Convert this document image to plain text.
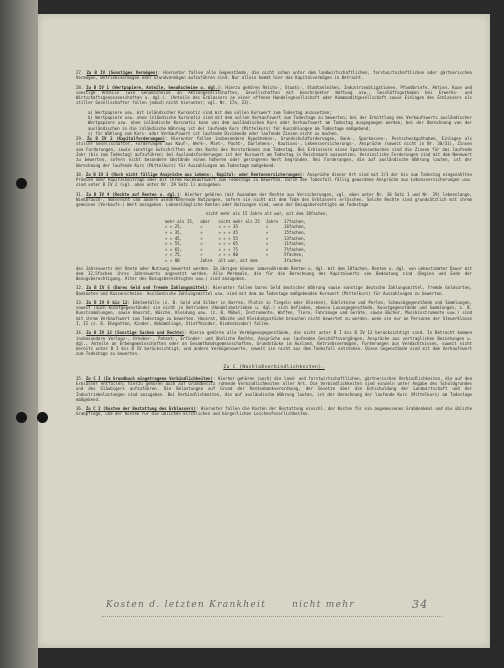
27. Zu B IV (Sonstiges Vermögen): Hierunter fallen alle Gegenstände, die nicht schon unter dem landwirtschaftlichen, forstwirtschaftlichen oder gärtnerischen Vermögen, Betriebsvermögen oder Grundvermögen aufzuführen sind. Nur allein kommt hier das Kapitalvermögen in Betracht.

28. Zu B IV 1 (Wertpapiere, Anteile, Genußscheine u. dgl.): Hierzu gehören Reichs-, Staats-, Stadtanleihen, Industrieobligationen, Pfandbriefe, Aktien, Kuxe und sonstige Anteile (wie Genußscheine an Aktiengesellschaften, Gesellschaften mit beschränkter Haftung usw., Geschäftsguthaben bei Erwerbs- und Wirtschaftsgenossenschaften u. dgl.). (Anteile des Erblassers an einer offenen Handelsgesellschaft oder Kommanditgesellschaft sowie Einlagen des Erblassers als stiller Gesellschafter fallen jedoch nicht hierunter; vgl. Nr. 17a, 23).

a) Wertpapiere usw. mit inländischer Kursnotiz sind mit dem vollen Kurswert zum Todestag anzusetzen;

b) Wertpapiere usw. ohne inländische Kursnotiz sind mit dem vollen Verkaufswert zum Todestage zu bewerten; bei der Ermittlung des Verkaufswerts ausländischer Wertpapiere usw. ohne inländische Kursnotiz kann von dem ausländischen Kurs oder Verkaufswert am Todestag ausgegangen werden; bei der Umrechnung von der ausländischen in die inländische Währung ist der laufende Kurs (Mittelkurs) für Auszahlungen am Todestage maßgebend;

c) für Wählung zum Kurs- oder Verkaufswert ist laufende Dividende oder laufende Zinsen nicht zu machen.

29. Zu B IV 2 (Kapitalforderungen): Hierunter fallen insbesondere Hypotheken-, Grundschuldforderungen, Bank-, Sparkassen-, Postscheckguthaben, Einlagen als stiller Gesellschafter, Forderungen aus Kauf-, Werk-, Miet-, Pacht-, Darlehens-, Kautions-, Lebensversicherungs-, Ansprüche (soweit nicht in Nr. 30/31), Zinsen von Forderungen, sowie sonstige Gutschriften an das Konto des Verstorbenen zum Todestag. Bei Erblassern eines Sparkassenbuches sind die Zinsen für das laufende Jahr (bis zum Todestag) aufzuführen; bei Auslandsforderungen ist der Kurswert am Todestag in Reichsmark anzusetzen. Verzinsliche Forderungen sind mit dem Nennwert zu bewerten, sofern nicht besondere Umstände einen höheren oder geringeren Wert begründen. Bei Forderungen, die auf ausländische Währung lauten, ist der Umrechnung der laufende Kurs (Mittelkurs) für Auszahlungen am Todestage maßgebend.

30. Zu B IV 3 (Noch nicht fällige Ansprüche aus Lebens-, Kapital- oder Rentenversicherungen): Ansprüche dieser Art sind mit 2/3 der bis zum Todestag eingezahlten Prämien oder Kapitalbeiträge oder mit ihrem Rückkaufswert zum Todestage zu bewerten. Durch den Todesfall fällig gewordene Ansprüche aus Lebensversicherungen usw. sind unter B IV 2 (vgl. oben unter Nr. 29 Satz 1) anzugeben.

31. Zu B IV 4 (Rechte auf Renten u. dgl.): Hierher gehören (mit Ausnahme der Rechte aus Versicherungen, vgl. oben unter Nr. 30 Satz 1 und Nr. 29) lebenslange, Nießbrauch-, Wohnrecht und andere wiederkehrende Nutzungen, sofern sie nicht mit dem Tode des Erblassers erlöschen. Solche Rechte sind grundsätzlich mit ihrem gemeinen (Verkaufs-) Wert anzugeben. Lebenslängliche Renten oder Nutzungen sind, wenn der Bezugsberechtigte am Todestage

nicht mehr als 15 Jahre alt war, mit dem 18fachen,

mehr als 15,	aber	nicht mehr als 25	Jahre	17fachen,
» » 25,	»	» » » 35	»	16fachen,
» » 35,	»	» » » 45	»	15fachen,
» » 45,	»	» » » 55	»	13fachen,
» » 55,	»	» » » 65	»	11fachen,
» » 65,	»	» » » 75	»	7½fachen,
» » 75,	»	» » » 80	»	5fachen,
» » 80	Jahre	alt war, mit dem		3fachen

des Jahreswerts der Rente oder Nutzung bewertet werden. Im übrigen können immerwährende Renten u. dgl. mit dem 18fachen, Renten u. dgl. von unbestimmter Dauer mit dem 12,5fachen ihres Jahreswerts angesetzt werden. Alle Merkmale, die für die Berechnung des Kapitalwerts von Bedeutung sind (Beginn und Ende der Bezugsberechtigung, Alter des Bezugsberechtigten usw.) sind anzugeben.

32. Zu B IV 5 (Bares Geld und fremde Zahlungsmittel): Hierunter fallen bares Geld deutscher Währung sowie sonstige deutsche Zahlungsmittel, fremde Geldsorten, Banknoten und Kassenscheine. Ausländische Zahlungsmittel usw. sind mit dem am Todestage maßgebenden Kurswert (Mittelkurs) für Auszahlungen zu bewerten.

33. Zu B IV 6 bis 12: Edelmetalle (z. B. Gold und Silber in Barren, Platin in Tiegeln oder Blechen), Edelsteine und Perlen, Schmuckgegenstände und Sammlungen, soweit (auch Kunstgegenstände) sie nicht in Betrieben (Handelsbetrieben u. dgl.) sich befinden, ebenso Luxusgegenstände, Kunstgegenstände und Sammlungen, z. B. Kunstsammlungen, sowie Hausrat, Wäsche, Kleidung usw. (z. B. Möbel, Instrumente, Waffen, Tiere, Fahrzeuge und Geräte, sowie Bücher, Musikinstrumente usw.) sind mit ihrem Verkaufswert zum Todestage zu bewerten. Hausrat, Wäsche und Kleidungsstücke brauchen nicht bewertet zu werden, wenn sie nur an Personen der Steuerklasse I, II (z. B. Ehegatten, Kinder, Abkömmlinge, Stieffkinder, Kindeskinder) fallen.

34. Zu B IV 13 (Sonstige Sachen und Rechte): Hierzu gehören alle Vermögensgegenstände, die nicht unter B I bis B IV 12 berücksichtigt sind. In Betracht kommen insbesondere Verlags-, Urheber-, Patent-, Erfinder- und ähnliche Rechte, Ansprüche aus laufenden Geschäftsvorgängen, Ansprüche aus vertraglichen Beziehungen u. dgl., Anteile an Erbengemeinschaften oder an Gesamthandsgemeinschaften, Grundstücke im Ausland, Betriebsvermögen, Forderungen aus Vermächtnissen, soweit nicht bereits unter B I bis B IV berücksichtigt, und andere Vermögenswerte, soweit sie nicht aus dem Todesfall entstehen. Diese Gegenstände sind mit dem Verkaufswert zum Todestage zu bewerten.

Zu C (Nachlaßverbindlichkeiten).

35. Zu C I (Im Grundbuch eingetragene Verbindlichkeiten): Hierher gehören (auch) die land- und forstwirtschaftlichen, gärtnerischen Verbindlichkeiten, die auf den Erblasser entfallen; hierzu gehören auch auf Grundbesitz ruhende Verbindlichkeiten aller Art. Die Verbindlichkeiten sind einzeln unter Angabe des Schuldgrundes und des Gläubigers aufzuführen. Die Belastungen auf Grund der Rentenbankverordnung, der Gesetze über die Entschuldung der Landwirtschaft und der Industriebelastungen sind anzugeben. Bei Verbindlichkeiten, die auf ausländische Währung lauten, ist der Umrechnung der laufende Kurs (Mittelkurs) am Todestage maßgebend.

36. Zu C 2 (Kosten der Bestattung des Erblassers): Hierunter fallen die Kosten der Bestattung einschl. der Kosten für ein angemessenes Grabdenkmal und die übliche Grabpflege, und der Kosten für die üblichen kirchlichen und bürgerlichen Leichenfeierlichkeiten.

Kosten d. letzten Krankheit	nicht mehr	34
